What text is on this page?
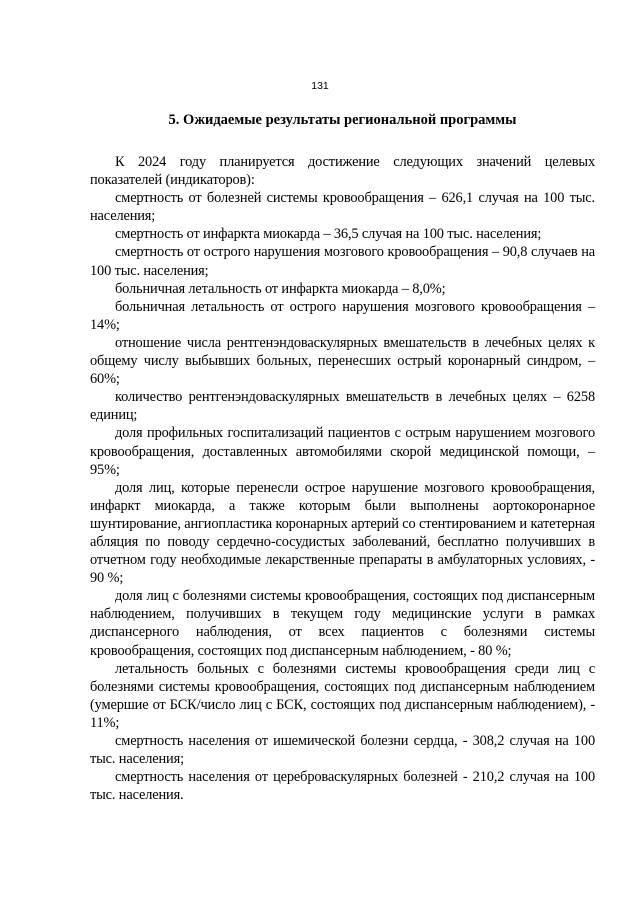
131
5. Ожидаемые результаты региональной программы

К 2024 году планируется достижение следующих значений целевых показателей (индикаторов):

смертность от болезней системы кровообращения – 626,1 случая на 100 тыс. населения;

смертность от инфаркта миокарда – 36,5 случая на 100 тыс. населения;

смертность от острого нарушения мозгового кровообращения – 90,8 случаев на 100 тыс. населения;

больничная летальность от инфаркта миокарда – 8,0%;

больничная летальность от острого нарушения мозгового кровообращения – 14%;

отношение числа рентгенэндоваскулярных вмешательств в лечебных целях к общему числу выбывших больных, перенесших острый коронарный синдром, – 60%;

количество рентгенэндоваскулярных вмешательств в лечебных целях – 6258 единиц;

доля профильных госпитализаций пациентов с острым нарушением мозгового кровообращения, доставленных автомобилями скорой медицинской помощи, – 95%;

доля лиц, которые перенесли острое нарушение мозгового кровообращения, инфаркт миокарда, а также которым были выполнены аортокоронарное шунтирование, ангиопластика коронарных артерий со стентированием и катетерная абляция по поводу сердечно-сосудистых заболеваний, бесплатно получивших в отчетном году необходимые лекарственные препараты в амбулаторных условиях, - 90 %;

доля лиц с болезнями системы кровообращения, состоящих под диспансерным наблюдением, получивших в текущем году медицинские услуги в рамках диспансерного наблюдения, от всех пациентов с болезнями системы кровообращения, состоящих под диспансерным наблюдением, - 80 %;

летальность больных с болезнями системы кровообращения среди лиц с болезнями системы кровообращения, состоящих под диспансерным наблюдением (умершие от БСК/число лиц с БСК, состоящих под диспансерным наблюдением), - 11%;

смертность населения от ишемической болезни сердца, - 308,2 случая на 100 тыс. населения;

смертность населения от цереброваскулярных болезней - 210,2 случая на 100 тыс. населения.
